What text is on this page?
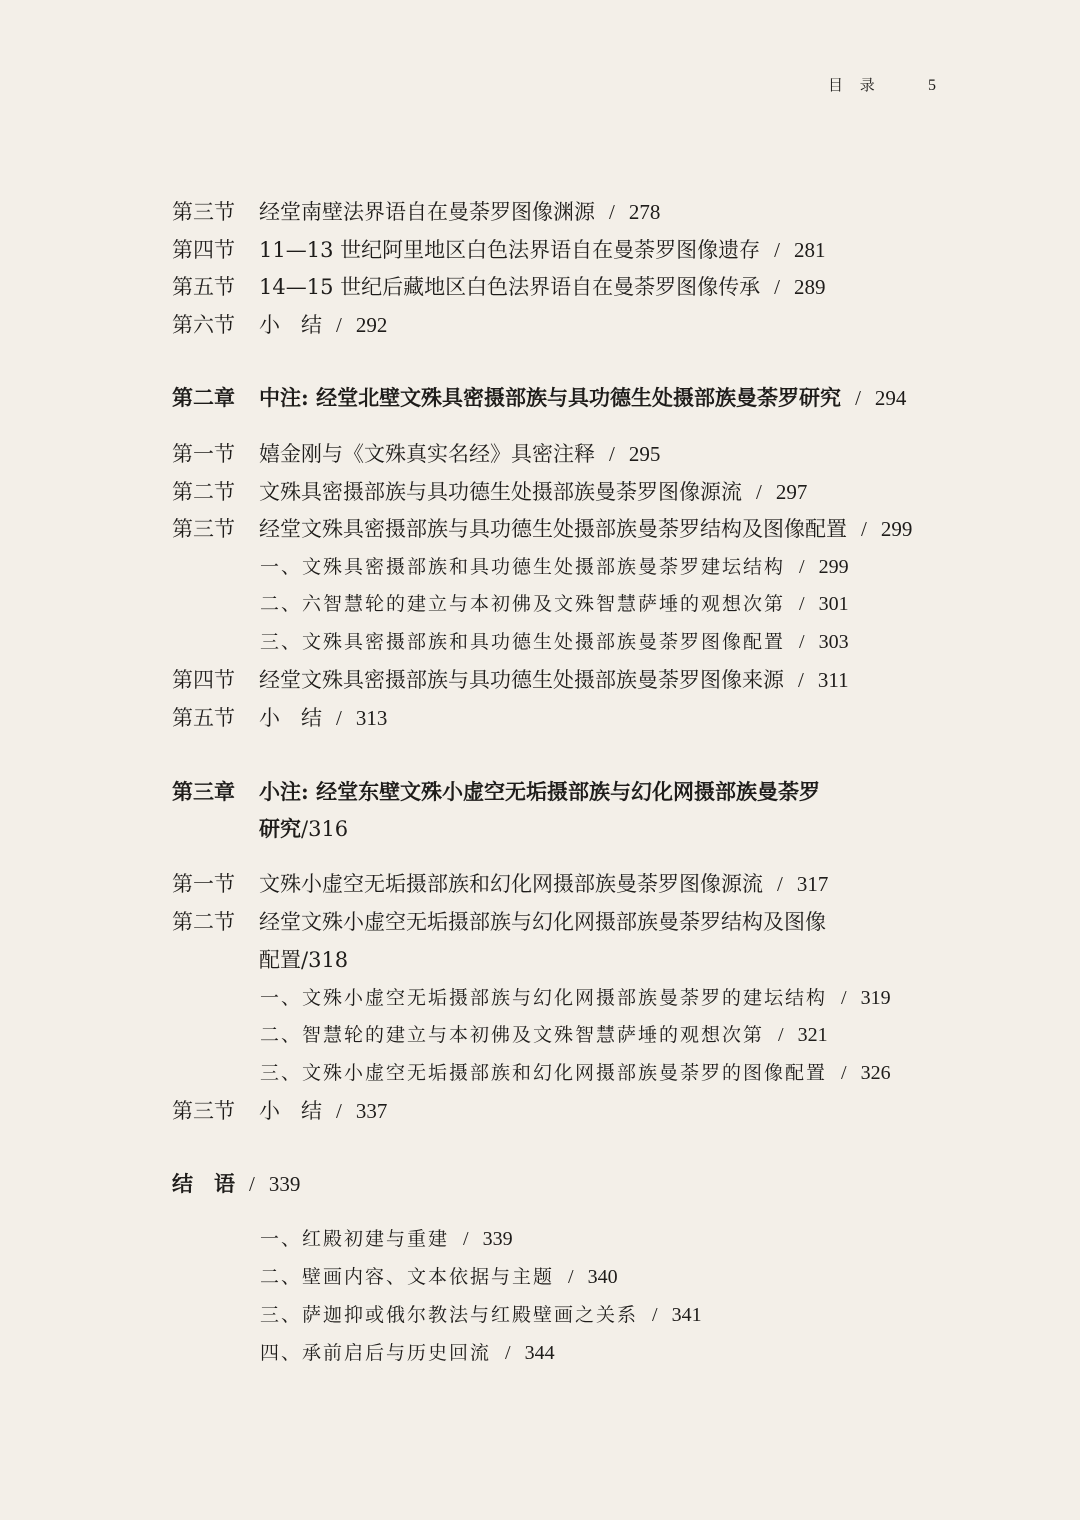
目 录	5
第三节 经堂南壁法界语自在曼荼罗图像渊源 / 278
第四节 11—13 世纪阿里地区白色法界语自在曼荼罗图像遗存 / 281
第五节 14—15 世纪后藏地区白色法界语自在曼荼罗图像传承 / 289
第六节 小　结 / 292
第二章 中注: 经堂北壁文殊具密摄部族与具功德生处摄部族曼荼罗研究 / 294
第一节 嬉金刚与《文殊真实名经》具密注释 / 295
第二节 文殊具密摄部族与具功德生处摄部族曼荼罗图像源流 / 297
第三节 经堂文殊具密摄部族与具功德生处摄部族曼荼罗结构及图像配置 / 299
一、文殊具密摄部族和具功德生处摄部族曼荼罗建坛结构 / 299
二、六智慧轮的建立与本初佛及文殊智慧萨埵的观想次第 / 301
三、文殊具密摄部族和具功德生处摄部族曼荼罗图像配置 / 303
第四节 经堂文殊具密摄部族与具功德生处摄部族曼荼罗图像来源 / 311
第五节 小　结 / 313
第三章 小注: 经堂东壁文殊小虚空无垢摄部族与幻化网摄部族曼荼罗
研究/316
第一节 文殊小虚空无垢摄部族和幻化网摄部族曼荼罗图像源流 / 317
第二节 经堂文殊小虚空无垢摄部族与幻化网摄部族曼荼罗结构及图像
配置/318
一、文殊小虚空无垢摄部族与幻化网摄部族曼荼罗的建坛结构 / 319
二、智慧轮的建立与本初佛及文殊智慧萨埵的观想次第 / 321
三、文殊小虚空无垢摄部族和幻化网摄部族曼荼罗的图像配置 / 326
第三节 小　结 / 337
结　语 / 339
一、红殿初建与重建 / 339
二、壁画内容、文本依据与主题 / 340
三、萨迦抑或俄尔教法与红殿壁画之关系 / 341
四、承前启后与历史回流 / 344
